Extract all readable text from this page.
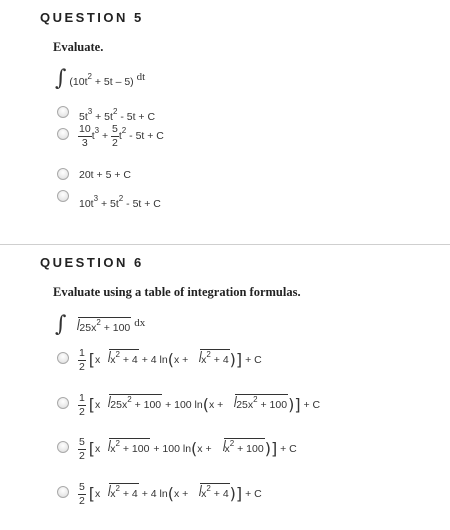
QUESTION 5
Evaluate.
∫ $(10t^2 + 5t - 5)$ dt
$5t^3 + 5t^2 - 5t + C$
$\frac{10}{3} t^3 + \frac{5}{2} t^2 - 5t + C$
20t + 5 + C
$10t^3 + 5t^2 - 5t + C$
QUESTION 6
Evaluate using a table of integration formulas.
∫ $25x^2 + 100$ dx
$\frac{1}{2} [x$ $x^2 + 4 + 4$ $\ln(x + x^2 + 4)] + C$
$\frac{1}{2} [x$ $25x^2 + 100 + 100$ $\ln(x + 25x^2 + 100)] + C$
$\frac{5}{2} [x$ $x^2 + 100 + 100$ $\ln(x + x^2 + 100)] + C$
$\frac{5}{2} [x$ $x^2 + 4 + 4$ $\ln(x + x^2 + 4)] + C$
